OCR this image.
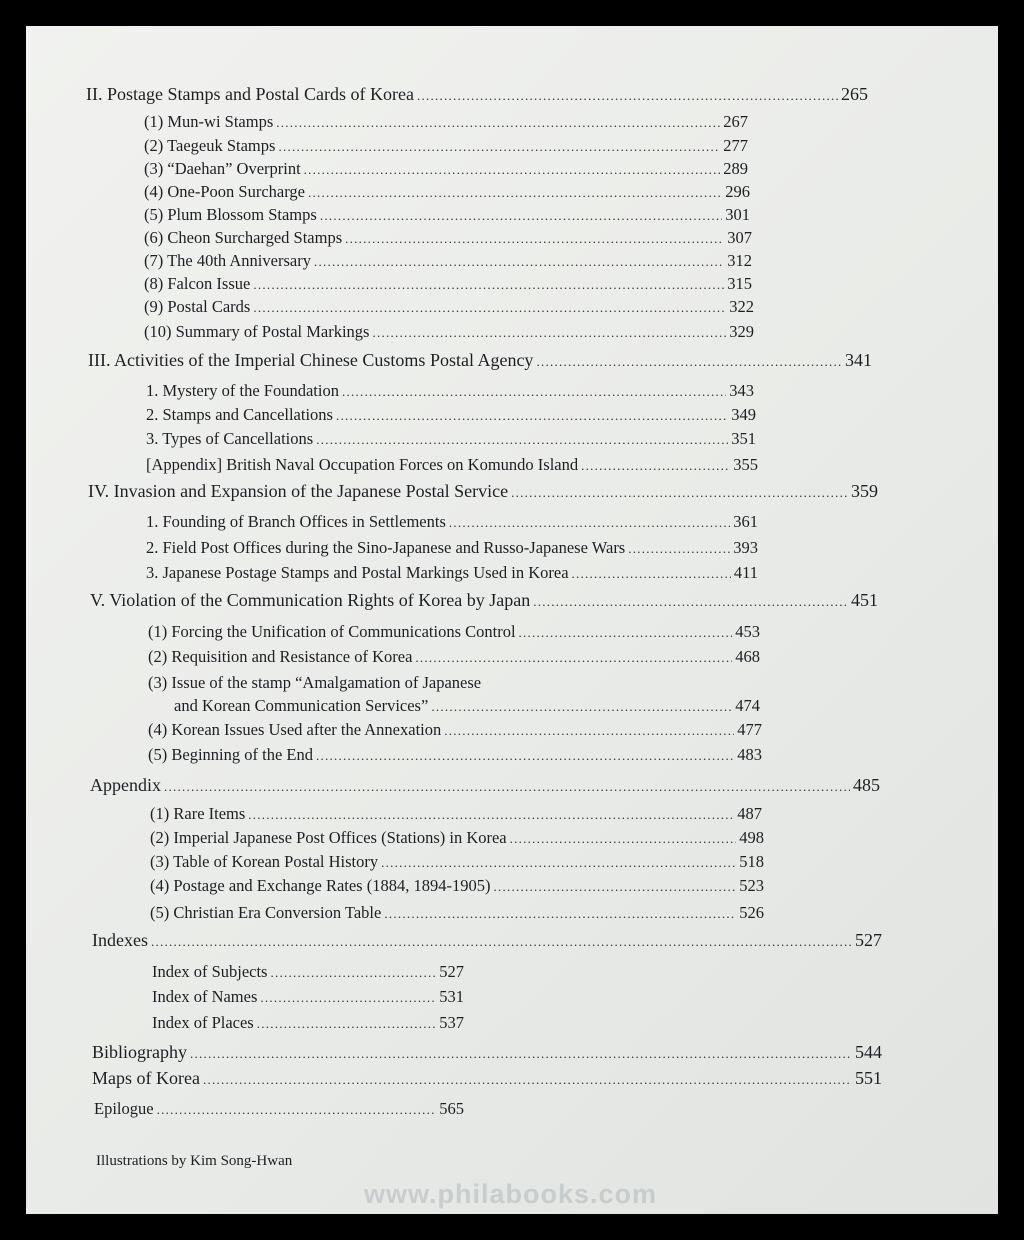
II. Postage Stamps and Postal Cards of Korea . . .	265
(1) Mun-wi Stamps . . .	267
(2) Taegeuk Stamps . . .	277
(3) “Daehan” Overprint . . .	289
(4) One-Poon Surcharge . . .	296
(5) Plum Blossom Stamps . . .	301
(6) Cheon Surcharged Stamps . . .	307
(7) The 40th Anniversary . . .	312
(8) Falcon Issue . . .	315
(9) Postal Cards . . .	322
(10) Summary of Postal Markings . . .	329
III. Activities of the Imperial Chinese Customs Postal Agency . . .	341
1. Mystery of the Foundation . . .	343
2. Stamps and Cancellations . . .	349
3. Types of Cancellations . . .	351
[Appendix] British Naval Occupation Forces on Komundo Island . . .	355
IV. Invasion and Expansion of the Japanese Postal Service . . .	359
1. Founding of Branch Offices in Settlements . . .	361
2. Field Post Offices during the Sino-Japanese and Russo-Japanese Wars . . .	393
3. Japanese Postage Stamps and Postal Markings Used in Korea . . .	411
V. Violation of the Communication Rights of Korea by Japan . . .	451
(1) Forcing the Unification of Communications Control . . .	453
(2) Requisition and Resistance of Korea . . .	468
(3) Issue of the stamp “Amalgamation of Japanese
and Korean Communication Services” . . .	474
(4) Korean Issues Used after the Annexation . . .	477
(5) Beginning of the End . . .	483
Appendix . . .	485
(1) Rare Items . . .	487
(2) Imperial Japanese Post Offices (Stations) in Korea . . .	498
(3) Table of Korean Postal History . . .	518
(4) Postage and Exchange Rates (1884, 1894-1905) . . .	523
(5) Christian Era Conversion Table . . .	526
Indexes . . .	527
Index of Subjects . . .	527
Index of Names . . .	531
Index of Places . . .	537
Bibliography . . .	544
Maps of Korea . . .	551
Epilogue . . .	565
Illustrations by Kim Song-Hwan
www.philabooks.com
